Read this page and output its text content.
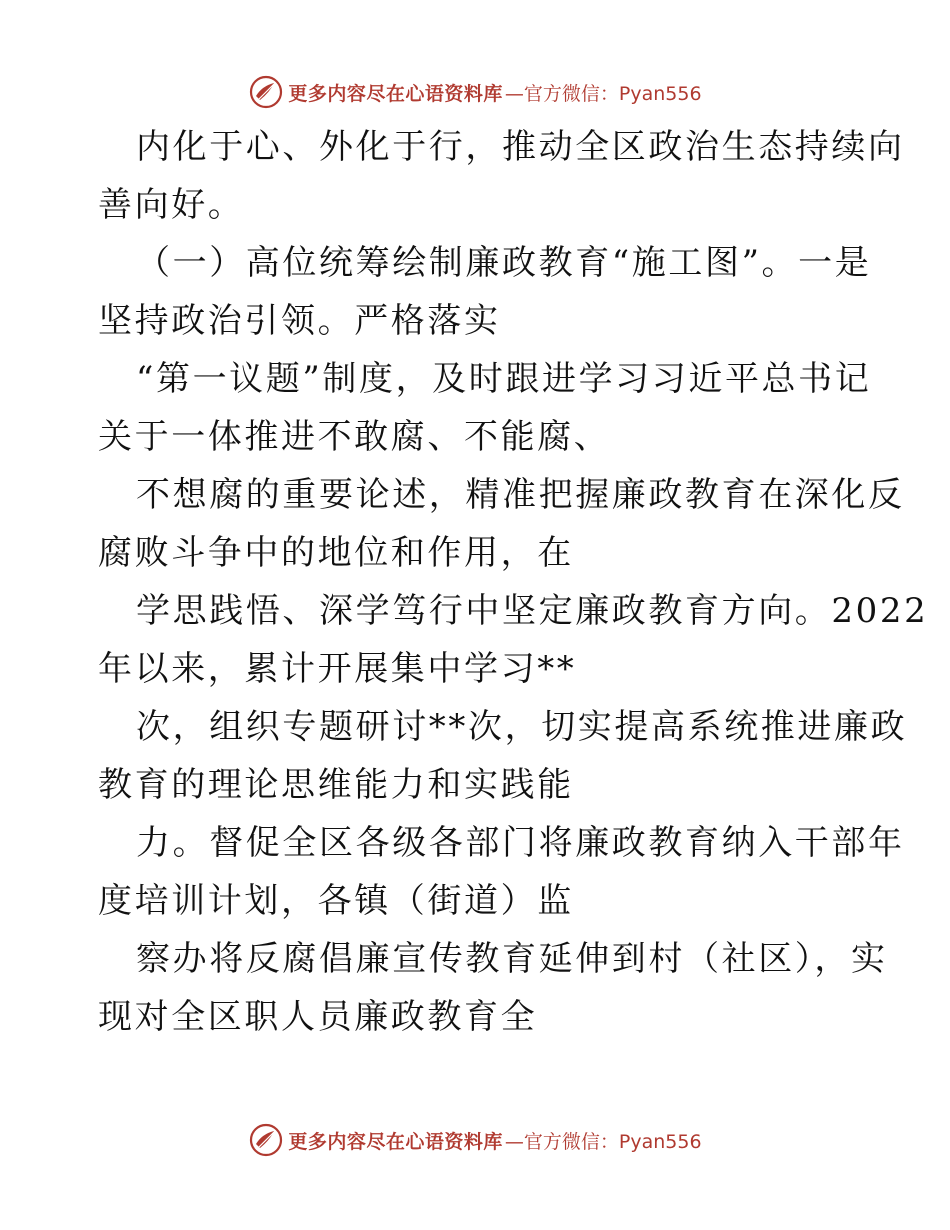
更多内容尽在心语资料库 —官方微信：Pyan556
内化于心、外化于行，推动全区政治生态持续向
善向好。
（一）高位统筹绘制廉政教育“施工图”。一是
坚持政治引领。严格落实
“第一议题”制度，及时跟进学习习近平总书记
关于一体推进不敢腐、不能腐、
不想腐的重要论述，精准把握廉政教育在深化反
腐败斗争中的地位和作用，在
学思践悟、深学笃行中坚定廉政教育方向。2022
年以来，累计开展集中学习**
次，组织专题研讨**次，切实提高系统推进廉政
教育的理论思维能力和实践能
力。督促全区各级各部门将廉政教育纳入干部年
度培训计划，各镇（街道）监
察办将反腐倡廉宣传教育延伸到村（社区），实
现对全区职人员廉政教育全
更多内容尽在心语资料库 —官方微信：Pyan556
